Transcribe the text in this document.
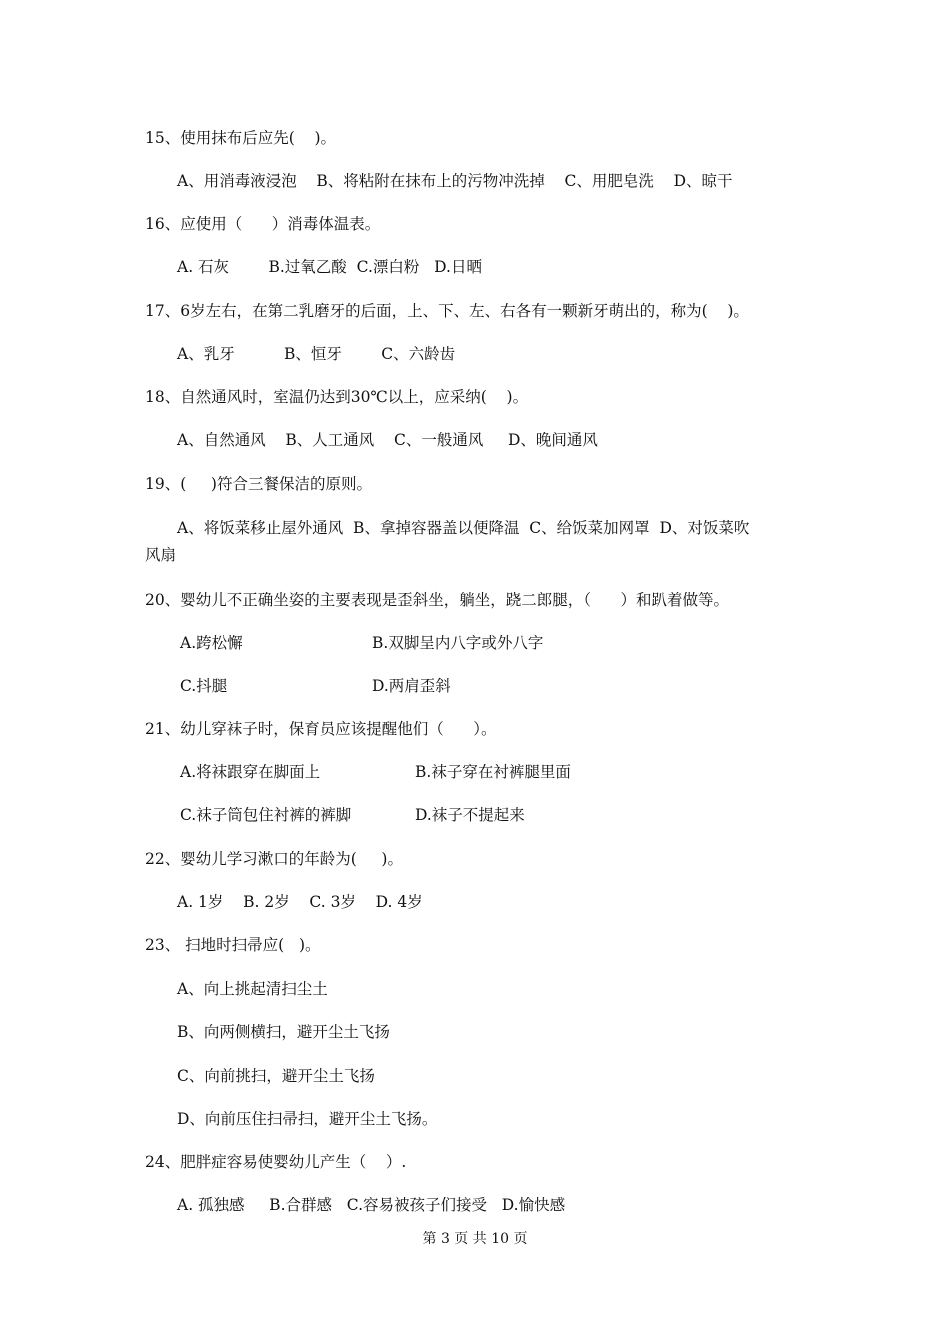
15、使用抹布后应先(    )。
A、用消毒液浸泡    B、将粘附在抹布上的污物冲洗掉    C、用肥皂洗    D、晾干
16、应使用（      ）消毒体温表。
A. 石灰        B.过氧乙酸  C.漂白粉   D.日晒
17、6岁左右，在第二乳磨牙的后面，上、下、左、右各有一颗新牙萌出的，称为(    )。
A、乳牙          B、恒牙        C、六龄齿
18、自然通风时，室温仍达到30℃以上，应采纳(    )。
A、自然通风    B、人工通风    C、一般通风     D、晚间通风
19、(     )符合三餐保洁的原则。
A、将饭菜移止屋外通风  B、拿掉容器盖以便降温  C、给饭菜加网罩  D、对饭菜吹
风扇
20、婴幼儿不正确坐姿的主要表现是歪斜坐，躺坐，跷二郎腿，（      ）和趴着做等。
A.跨松懈	B.双脚呈内八字或外八字
C.抖腿	D.两肩歪斜
21、幼儿穿袜子时，保育员应该提醒他们（      ）。
A.将袜跟穿在脚面上	B.袜子穿在衬裤腿里面
C.袜子筒包住衬裤的裤脚	D.袜子不提起来
22、婴幼儿学习漱口的年龄为(     )。
A. 1岁    B. 2岁    C. 3岁    D. 4岁
23、 扫地时扫帚应(   )。
A、向上挑起清扫尘土
B、向两侧横扫，避开尘土飞扬
C、向前挑扫，避开尘土飞扬
D、向前压住扫帚扫，避开尘土飞扬。
24、肥胖症容易使婴幼儿产生（    ）.
A. 孤独感     B.合群感   C.容易被孩子们接受   D.愉快感
第 3 页 共 10 页
